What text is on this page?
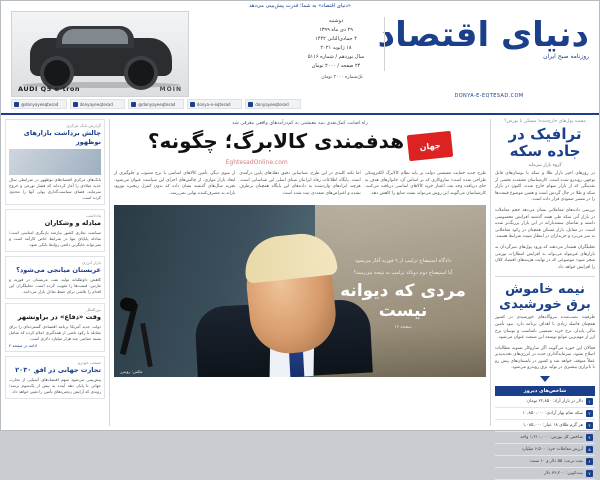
«دنیای اقتصاد» به شما؛ قدرت پیش‌بینی می‌دهد
دنیای اقتصاد
روزنامه صبح ایران
DONYA-E-EQTESAD.COM
دوشنبه
۲۹ دی ماه ۱۳۹۹
۴ جمادی‌الثانی ۱۴۴۲
۱۸ ژانویه ۲۰۲۱
سال نوزدهم / شماره ۵۱۱۶
۲۴ صفحه / ۲۰۰۰ تومان
تک‌شماره ۲۰۰۰ تومان
AUDI Q5 e-tron	MOIN
@donyayeeqtesad	donyayeeqtesad	@donyayeeqtesad	donya-e-eqtesad	donyayeeqtesad
مقصد پول‌های خارج‌شده؛ مسکن یا بورس؟
ترافیک در جاده سکه
گروه بازار سرمایه

در روزهای اخیر بازار طلا و سکه با نوسان‌های قابل توجهی روبه‌رو شده است. کارشناسان معتقدند بخشی از نقدینگی که از بازار سهام خارج شده، اکنون در بازار سکه و طلا در حال گردش است و همین موضوع قیمت‌ها را در مسیر صعودی قرار داده است.

بررسی داده‌های معاملاتی نشان می‌دهد حجم معاملات در بازار آتی سکه طی هفته گذشته افزایش محسوسی داشته و تقاضای سفته‌بازانه در این بازار پررنگ‌تر شده است. در مقابل، بازار مسکن همچنان در رکود معاملاتی به سر می‌برد و خریداران در انتظار تثبیت شرایط هستند.

تحلیلگران هشدار می‌دهند که ورود پول‌های سرگردان به بازارهای غیرمولد می‌تواند به افزایش انتظارات تورمی منجر شود؛ موضوعی که در نهایت هزینه‌های اقتصاد کلان را افزایش خواهد داد.

نیمه خاموش برق خورشیدی

ظرفیت نصب‌شده نیروگاه‌های خورشیدی در کشور همچنان فاصله زیادی با اهداف برنامه دارد. نبود تأمین مالی پایدار، نرخ خرید تضمینی نامناسب و نوسان نرخ ارز از مهم‌ترین موانع توسعه این صنعت عنوان می‌شود.

فعالان این حوزه می‌گویند اگر سازوکار تسویه مطالبات اصلاح نشود، سرمایه‌گذاری جدید در انرژی‌های تجدیدپذیر عملاً متوقف خواهد شد و کشور در تابستان‌های پیش رو با ناترازی بیشتری در تولید برق روبه‌رو می‌شود.

شاخص‌های دیروز
۱
دلار در بازار آزاد: ۲۲,۸۵۰ تومان
۲
سکه تمام بهار آزادی: ۱۰,۸۵۰,۰۰۰
۳
هر گرم طلای ۱۸ عیار: ۱,۰۸۵,۰۰۰
۴
شاخص کل بورس: ۱,۲۱۰,۰۰۰ واحد
۵
ارزش معاملات خرد: ۶,۵۰۰ میلیارد
۶
نفت برنت: ۵۵ دلار و ۱۰ سنت
۷
بیت‌کوین: ۳۶,۲۰۰ دلار
راه اصابت کمک‌نقدی بنیه معیشتی به کم‌درآمدهای واقعی معرفی شد
جهان
هدفمندی کالابرگ؛ چگونه؟
EghtesadOnline.com

طرح جدید حمایت معیشتی دولت بر پایه نظام کالابرگ الکترونیکی طراحی شده است؛ سازوکاری که بر اساس آن، خانوارهای هدف به جای دریافت وجه نقد، اعتبار خرید کالاهای اساسی دریافت می‌کنند. کارشناسان می‌گویند این روش می‌تواند نشت منابع را کاهش دهد.

اما نکته کلیدی در این طرح، شناسایی دقیق دهک‌های پایین درآمدی است. پایگاه اطلاعات رفاه ایرانیان مبنای اصلی این شناسایی است، هرچند ایرادهای واردشده به داده‌های این پایگاه همچنان برطرف نشده و اعتراض‌های متعددی ثبت شده است.

از سوی دیگر، تأمین کالاهای اساسی با نرخ مصوب و جلوگیری از ایجاد بازار موازی، از چالش‌های اجرای این سیاست عنوان می‌شود. تجربه سال‌های گذشته نشان داده که بدون کنترل زنجیره توزیع، یارانه به مصرف‌کننده نهایی نمی‌رسد.

دادگاه استیضاح ترامپ از ۹ فوریه آغاز می‌شود
آیا استیضاح دوم دونالد ترامپ به نتیجه می‌رسد؟
مردی که دیوانه نیست
صفحه ۱۶
عکس: رویترز
گزارش بانک مرکزی
چالش برداشت بازارهای نوظهور

بانک‌های مرکزی اقتصادهای نوظهور در شرایطی سال جدید میلادی را آغاز کرده‌اند که فشار تورمی و خروج سرمایه، فضای سیاست‌گذاری پولی آنها را محدود کرده است.

یادداشت
مبادله و وشکاران

سیاست تجاری کشور نیازمند بازنگری اساسی است؛ مبادله پایاپای تنها در شرایط خاص کارآمد است و نمی‌تواند جایگزین دائمی روابط بانکی شود.

بازار انرژی
عربستان میانجی می‌شود؟

کاهش داوطلبانه تولید نفت عربستان در فوریه و مارس، قیمت‌ها را تقویت کرده است. تحلیلگران این اقدام را تلاشی برای حفظ تعادل بازار می‌دانند.

بین‌الملل
وقت «دفاع» در براونشهر

دولت جدید آمریکا برنامه اقتصادی گسترده‌ای را برای مقابله با رکود ناشی از همه‌گیری اعلام کرده که شامل بسته حمایتی چند هزار میلیارد دلاری است.

ادامه در صفحه ۴
صنعت خودرو
تجارت جهانی در افق ۲۰۳۰

پیش‌بینی می‌شود سهم اقتصادهای آسیایی از تجارت جهانی تا پایان دهه آینده به بیش از یک‌سوم برسد؛ روندی که آرایش زنجیره‌های تأمین را تغییر خواهد داد.
